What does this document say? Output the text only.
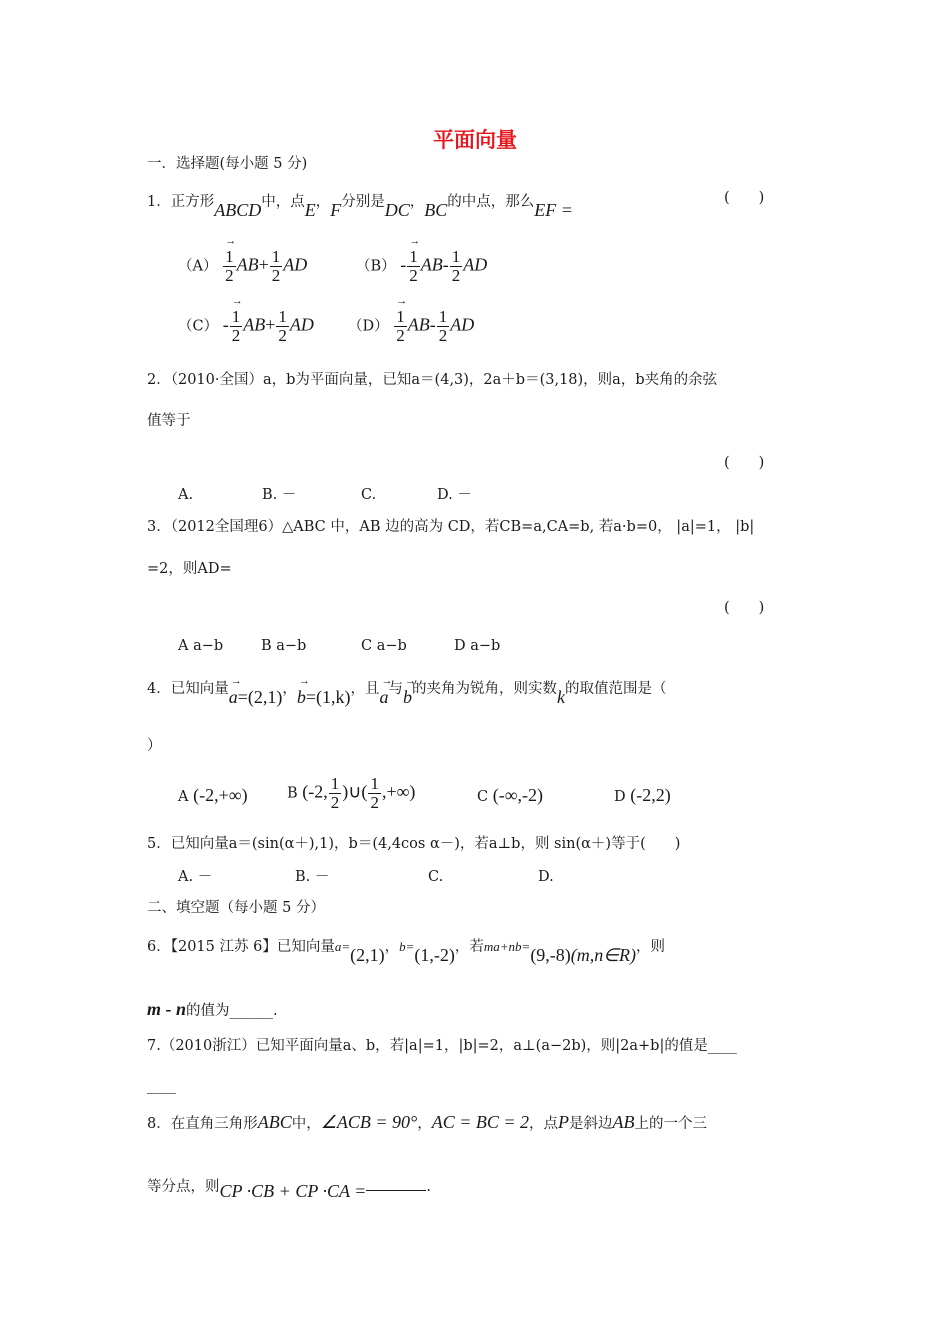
平面向量
一．选择题(每小题 5 分)
1．正方形ABCD中，点E，F分别是DC，BC的中点，那么EF =
(　　)
（A）
→ $\frac{1}{2} AB+ \frac{1}{2}$ AD	（B） -
→ $\frac{1}{2} AB- \frac{1}{2}$ AD
（C） -
→ $\frac{1}{2} AB+ \frac{1}{2}$ AD （D）
→ $\frac{1}{2} AB- \frac{1}{2}$ AD
2．（2010·全国）a，b为平面向量，已知a＝(4,3)，2a＋b＝(3,18)，则a，b夹角的余弦
值等于
(　　)
A.	B. －	C.	D. －
3．（2012全国理6）△ABC 中，AB 边的高为 CD，若CB=a,CA=b, 若a·b=0， |a|=1， |b|
=2，则AD=
(　　)
A a−b	B a−b	C a−b	D a−b
4．已知向量→ a=(2,1)，→ b=(1,k)，且→ a与→ b的夹角为锐角，则实数k的取值范围是（
）
A (-2,+∞)	B (-2, $\frac{1}{2}$ )∪( $\frac{1}{2}$ ,+∞)	C (-∞,-2)	D (-2,2)
5．已知向量a＝(sin(α＋),1)，b＝(4,4cos α－)，若a⊥b，则 sin(α＋)等于(　　)
A. －	B. －	C.	D.
二、填空题（每小题 5 分）
6．【2015 江苏 6】已知向量a=(2,1)，b=(1,-2)，若ma+nb=(9,-8)(m,n∈R)，则
m - n的值为______.
7.（2010浙江）已知平面向量a、b，若|a|=1，|b|=2，a⊥(a−2b)，则|2a+b|的值是____
____
8．在直角三角形ABC中，∠ACB = 90°，AC = BC = 2，点P是斜边AB上的一个三
等分点，则CP ·CB + CP ·CA =	.
